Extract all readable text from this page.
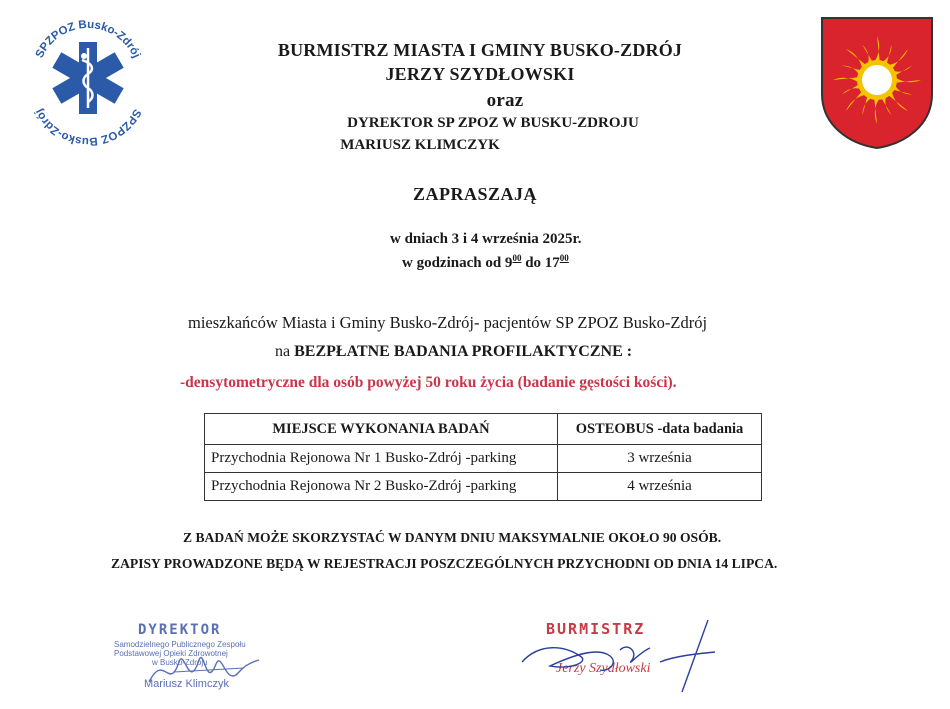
SPZPOZ Busko-Zdrój
SPZPOZ Busko-Zdrój
BURMISTRZ MIASTA I GMINY BUSKO-ZDRÓJ
JERZY SZYDŁOWSKI
oraz
DYREKTOR SP ZPOZ W BUSKU-ZDROJU
MARIUSZ KLIMCZYK
ZAPRASZAJĄ
w dniach 3 i 4 września 2025r.
w godzinach od $9^{00}$ do $17^{00}$
mieszkańców Miasta i Gminy Busko-Zdrój- pacjentów SP ZPOZ Busko-Zdrój
na BEZPŁATNE BADANIA PROFILAKTYCZNE :
-densytometryczne dla osób powyżej 50 roku życia (badanie gęstości kości).
MIEJSCE WYKONANIA BADAŃ	OSTEOBUS -data badania
Przychodnia Rejonowa Nr 1 Busko-Zdrój -parking	3 września
Przychodnia Rejonowa Nr 2 Busko-Zdrój -parking	4 września
Z BADAŃ MOŻE SKORZYSTAĆ W DANYM DNIU MAKSYMALNIE OKOŁO 90 OSÓB.
ZAPISY PROWADZONE BĘDĄ W REJESTRACJI POSZCZEGÓLNYCH PRZYCHODNI OD DNIA 14 LIPCA.
DYREKTOR
Samodzielnego Publicznego Zespołu
Podstawowej Opieki Zdrowotnej
w Busku-Zdroju
Mariusz Klimczyk
BURMISTRZ
Jerzy Szydłowski
